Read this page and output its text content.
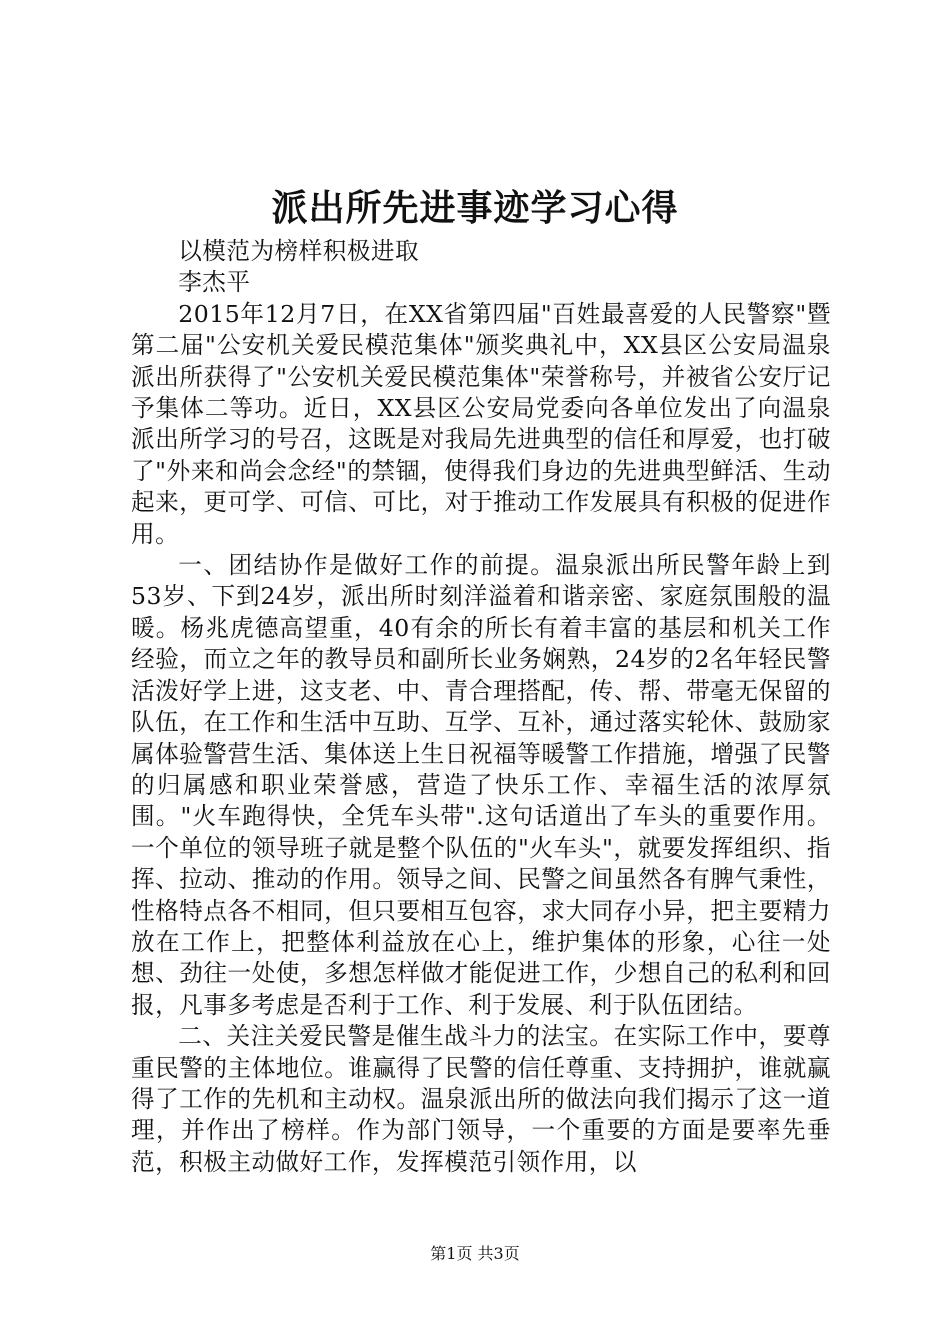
派出所先进事迹学习心得

以模范为榜样积极进取

李杰平

2015年12月7日，在XX省第四届"百姓最喜爱的人民警察"暨第二届"公安机关爱民模范集体"颁奖典礼中，XX县区公安局温泉派出所获得了"公安机关爱民模范集体"荣誉称号，并被省公安厅记予集体二等功。近日，XX县区公安局党委向各单位发出了向温泉派出所学习的号召，这既是对我局先进典型的信任和厚爱，也打破了"外来和尚会念经"的禁锢，使得我们身边的先进典型鲜活、生动起来，更可学、可信、可比，对于推动工作发展具有积极的促进作用。

一、团结协作是做好工作的前提。温泉派出所民警年龄上到53岁、下到24岁，派出所时刻洋溢着和谐亲密、家庭氛围般的温暖。杨兆虎德高望重，40有余的所长有着丰富的基层和机关工作经验，而立之年的教导员和副所长业务娴熟，24岁的2名年轻民警活泼好学上进，这支老、中、青合理搭配，传、帮、带毫无保留的队伍，在工作和生活中互助、互学、互补，通过落实轮休、鼓励家属体验警营生活、集体送上生日祝福等暖警工作措施，增强了民警的归属感和职业荣誉感，营造了快乐工作、幸福生活的浓厚氛围。"火车跑得快，全凭车头带".这句话道出了车头的重要作用。一个单位的领导班子就是整个队伍的"火车头"，就要发挥组织、指挥、拉动、推动的作用。领导之间、民警之间虽然各有脾气秉性，性格特点各不相同，但只要相互包容，求大同存小异，把主要精力放在工作上，把整体利益放在心上，维护集体的形象，心往一处想、劲往一处使，多想怎样做才能促进工作，少想自己的私利和回报，凡事多考虑是否利于工作、利于发展、利于队伍团结。

二、关注关爱民警是催生战斗力的法宝。在实际工作中，要尊重民警的主体地位。谁赢得了民警的信任尊重、支持拥护，谁就赢得了工作的先机和主动权。温泉派出所的做法向我们揭示了这一道理，并作出了榜样。作为部门领导，一个重要的方面是要率先垂范，积极主动做好工作，发挥模范引领作用，以

第1页 共3页
